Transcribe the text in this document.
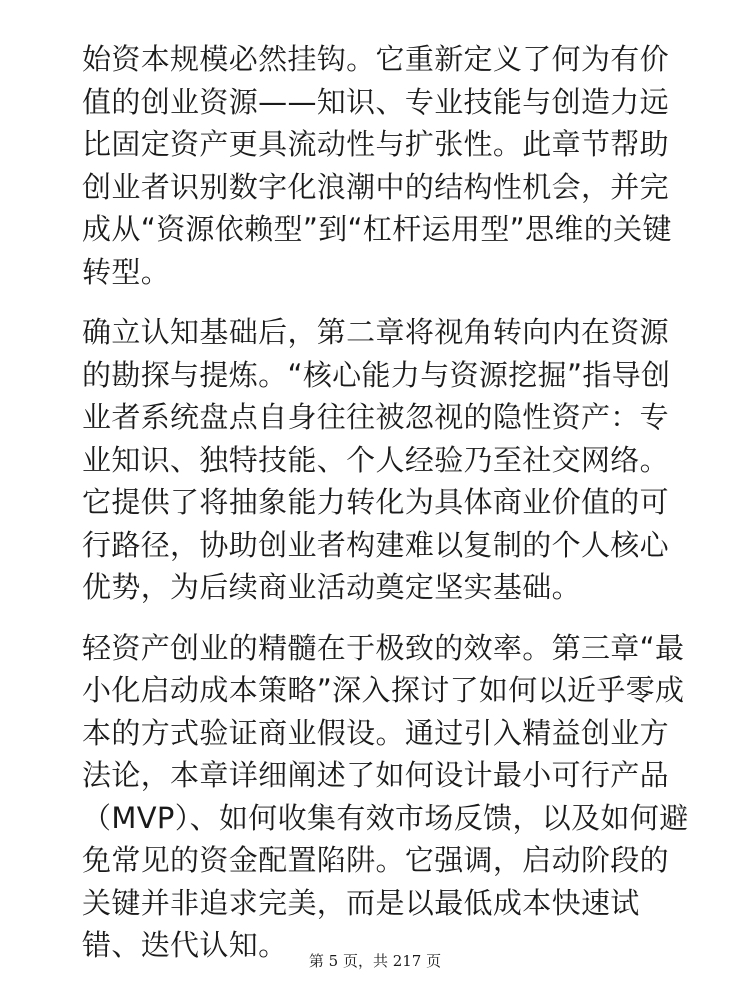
始资本规模必然挂钩。它重新定义了何为有价值的创业资源——知识、专业技能与创造力远比固定资产更具流动性与扩张性。此章节帮助创业者识别数字化浪潮中的结构性机会，并完成从“资源依赖型”到“杠杆运用型”思维的关键转型。

确立认知基础后，第二章将视角转向内在资源的勘探与提炼。“核心能力与资源挖掘”指导创业者系统盘点自身往往被忽视的隐性资产：专业知识、独特技能、个人经验乃至社交网络。它提供了将抽象能力转化为具体商业价值的可行路径，协助创业者构建难以复制的个人核心优势，为后续商业活动奠定坚实基础。

轻资产创业的精髓在于极致的效率。第三章“最小化启动成本策略”深入探讨了如何以近乎零成本的方式验证商业假设。通过引入精益创业方法论，本章详细阐述了如何设计最小可行产品（MVP）、如何收集有效市场反馈，以及如何避免常见的资金配置陷阱。它强调，启动阶段的关键并非追求完美，而是以最低成本快速试错、迭代认知。	第 5 页，共 217 页
